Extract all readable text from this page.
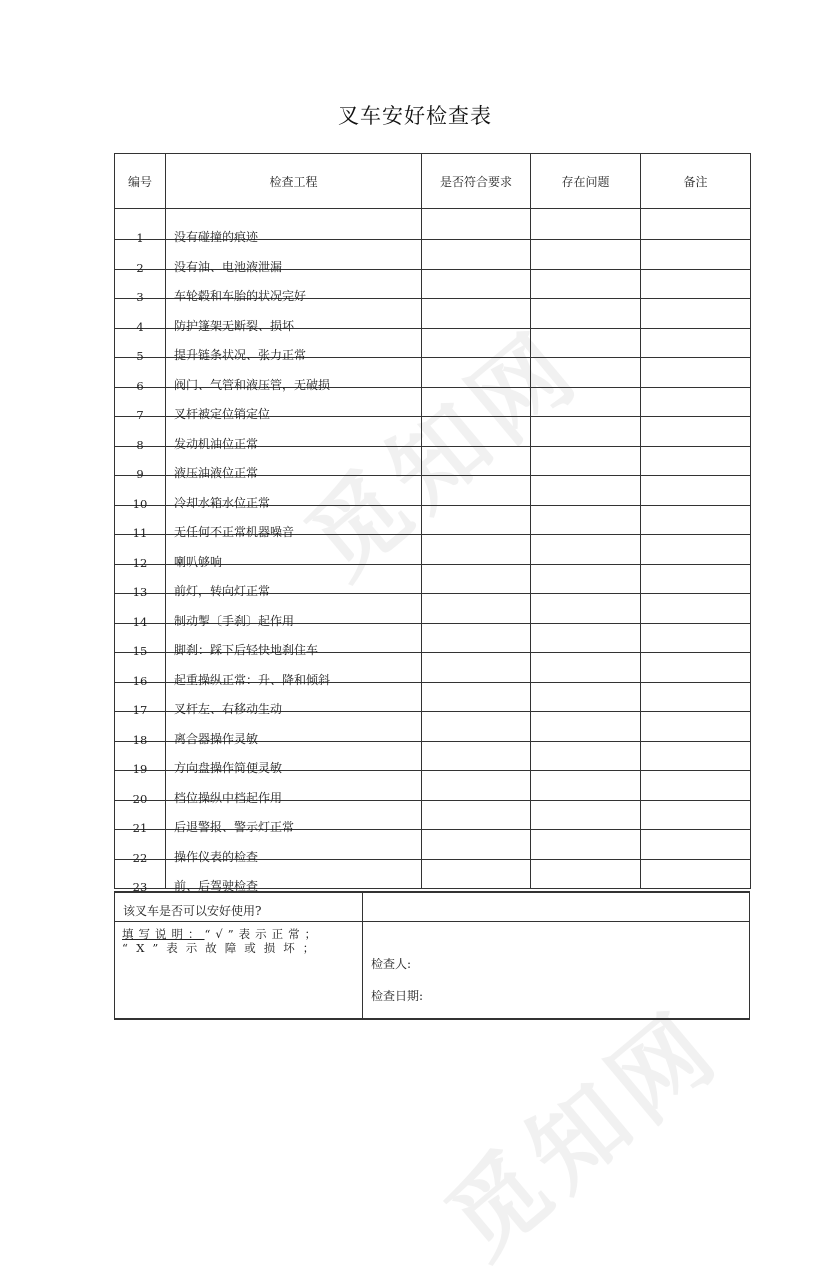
叉车安好检查表
觅知网
觅知网
编号	检查工程	是否符合要求	存在问题	备注
1	没有碰撞的痕迹			
2	没有油、电池液泄漏			
3	车轮毂和车胎的状况完好			
4	防护篷架无断裂、损坏			
5	提升链条状况、张力正常			
6	阀门、气管和液压管，无破损			
7	叉杆被定位销定位			
8	发动机油位正常			
9	液压油液位正常			
10	冷却水箱水位正常			
11	无任何不正常机器噪音			
12	喇叭够响			
13	前灯，转向灯正常			
14	制动掣〔手刹〕起作用			
15	脚刹：踩下后轻快地刹住车			
16	起重操纵正常：升、降和倾斜			
17	叉杆左、右移动生动			
18	离合器操作灵敏			
19	方向盘操作简便灵敏			
20	档位操纵中档起作用			
21	后退警报、警示灯正常			
22	操作仪表的检查			
23	前、后驾驶检查			
该叉车是否可以安好使用?
填写说明：“√”表示正常；
“X”表示故障或损坏；
检查人:
检查日期:
